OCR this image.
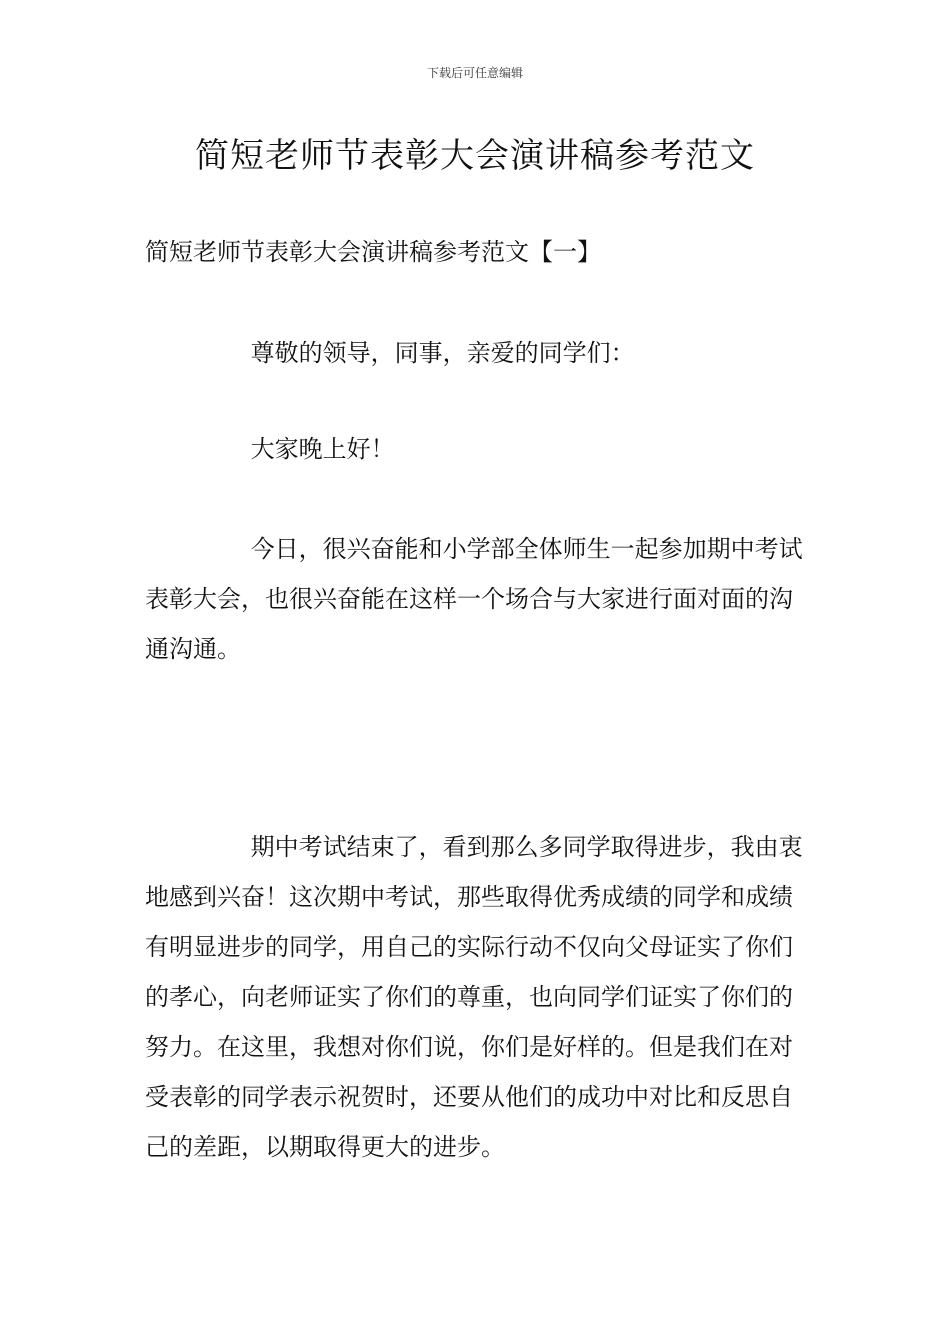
下载后可任意编辑
简短老师节表彰大会演讲稿参考范文
简短老师节表彰大会演讲稿参考范文【一】

尊敬的领导，同事，亲爱的同学们：

大家晚上好！

今日，很兴奋能和小学部全体师生一起参加期中考试表彰大会，也很兴奋能在这样一个场合与大家进行面对面的沟通沟通。

期中考试结束了，看到那么多同学取得进步，我由衷地感到兴奋！这次期中考试，那些取得优秀成绩的同学和成绩有明显进步的同学，用自己的实际行动不仅向父母证实了你们的孝心，向老师证实了你们的尊重，也向同学们证实了你们的努力。在这里，我想对你们说，你们是好样的。但是我们在对受表彰的同学表示祝贺时，还要从他们的成功中对比和反思自己的差距，以期取得更大的进步。
